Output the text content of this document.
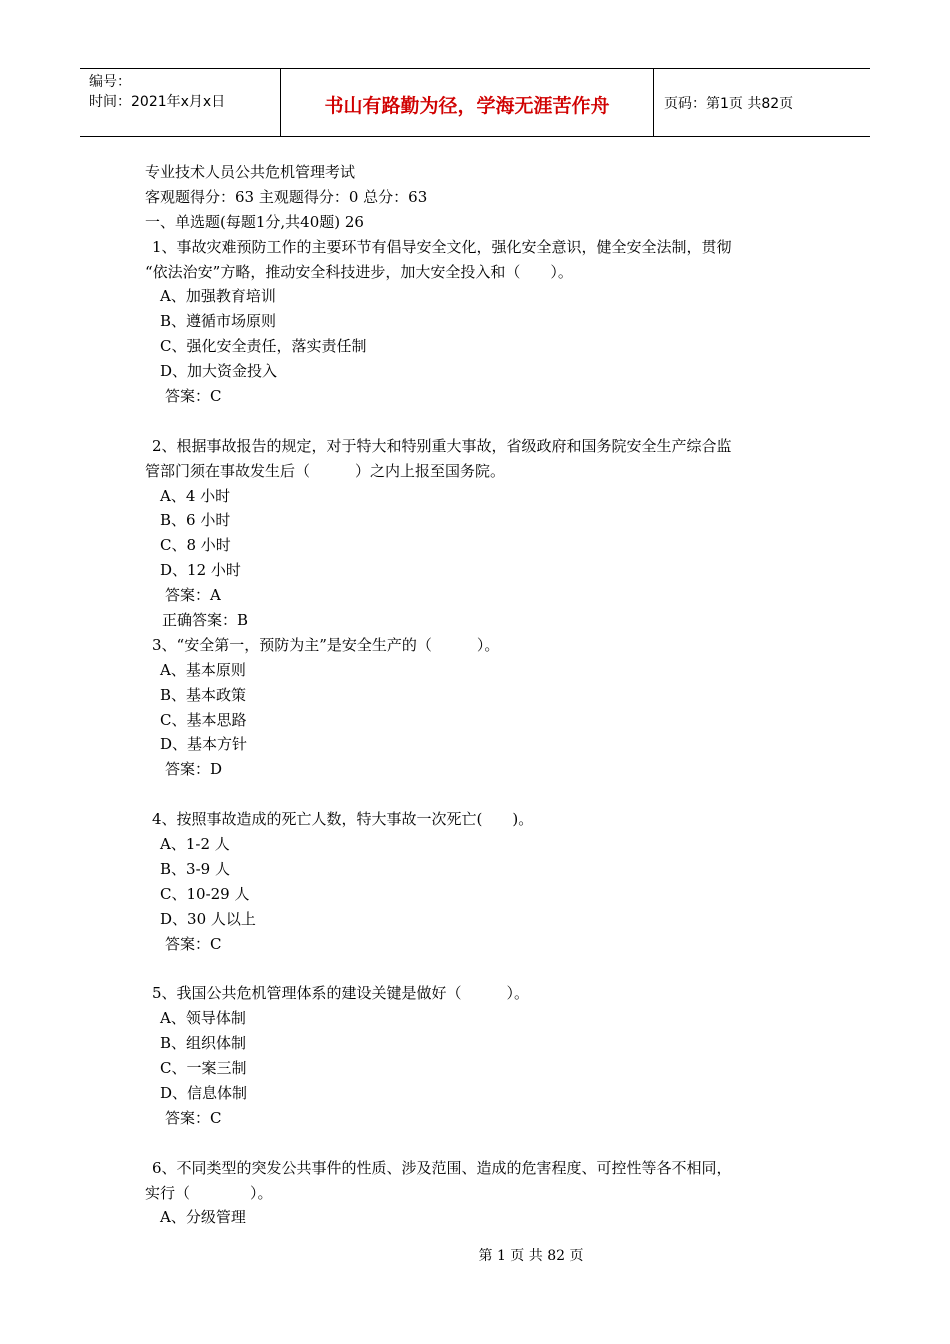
编号：
时间：2021年x月x日	书山有路勤为径，学海无涯苦作舟	页码：第1页 共82页
专业技术人员公共危机管理考试
客观题得分：63 主观题得分：0 总分：63
一、单选题(每题1分,共40题) 26
1、事故灾难预防工作的主要环节有倡导安全文化，强化安全意识，健全安全法制，贯彻
“依法治安”方略，推动安全科技进步，加大安全投入和（　　）。
A、加强教育培训
B、遵循市场原则
C、强化安全责任，落实责任制
D、加大资金投入
答案：C
2、根据事故报告的规定，对于特大和特别重大事故，省级政府和国务院安全生产综合监
管部门须在事故发生后（　　　）之内上报至国务院。
A、4 小时
B、6 小时
C、8 小时
D、12 小时
答案：A
正确答案：B
3、“安全第一，预防为主”是安全生产的（　　　）。
A、基本原则
B、基本政策
C、基本思路
D、基本方针
答案：D
4、按照事故造成的死亡人数，特大事故一次死亡(　　)。
A、1-2 人
B、3-9 人
C、10-29 人
D、30 人以上
答案：C
5、我国公共危机管理体系的建设关键是做好（　　　）。
A、领导体制
B、组织体制
C、一案三制
D、信息体制
答案：C
6、不同类型的突发公共事件的性质、涉及范围、造成的危害程度、可控性等各不相同，
实行（　　　　）。
A、分级管理
第 1 页 共 82 页
